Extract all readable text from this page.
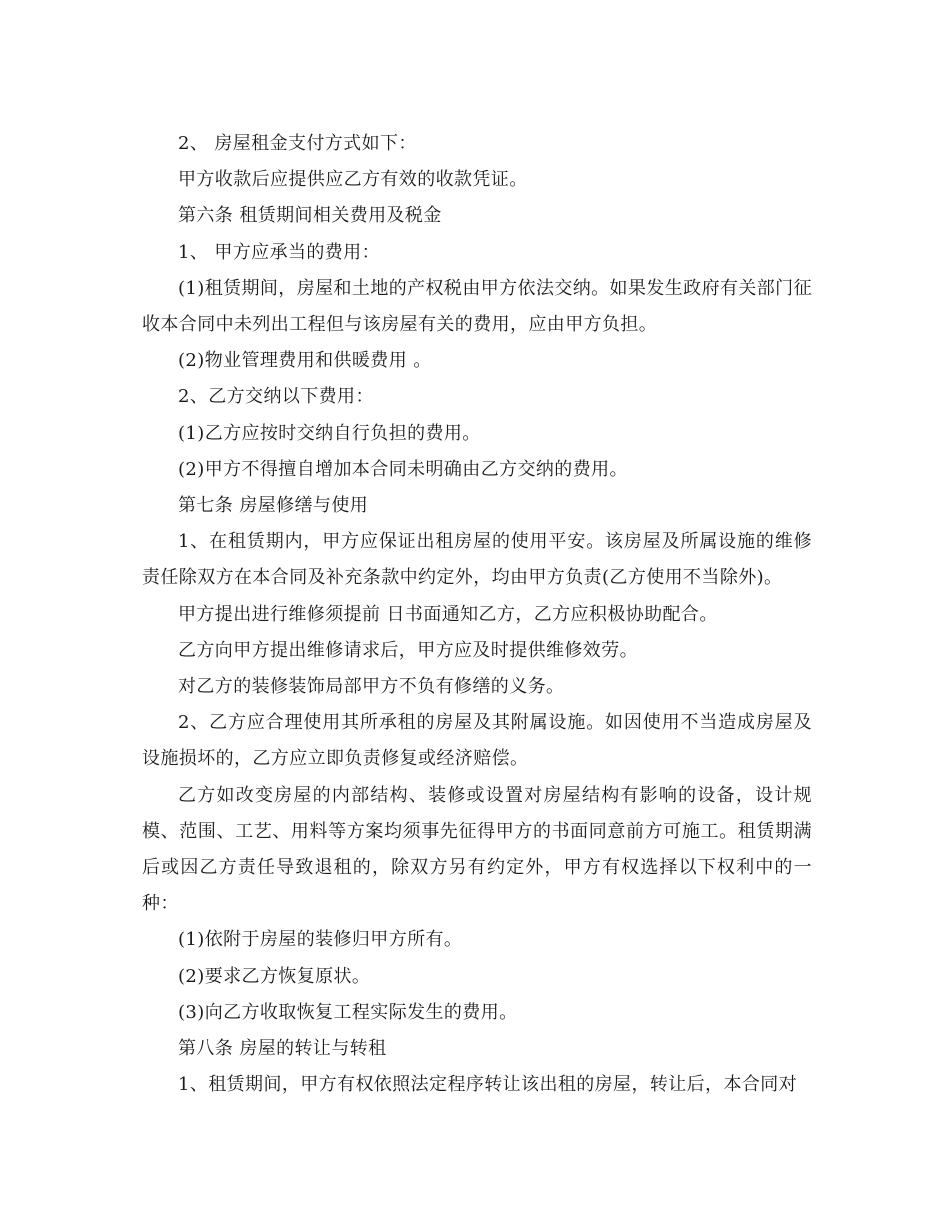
2、 房屋租金支付方式如下：

甲方收款后应提供应乙方有效的收款凭证。

第六条 租赁期间相关费用及税金

1、 甲方应承当的费用：

(1)租赁期间，房屋和土地的产权税由甲方依法交纳。如果发生政府有关部门征收本合同中未列出工程但与该房屋有关的费用，应由甲方负担。

(2)物业管理费用和供暖费用 。

2、乙方交纳以下费用：

(1)乙方应按时交纳自行负担的费用。

(2)甲方不得擅自增加本合同未明确由乙方交纳的费用。

第七条 房屋修缮与使用

1、在租赁期内，甲方应保证出租房屋的使用平安。该房屋及所属设施的维修责任除双方在本合同及补充条款中约定外，均由甲方负责(乙方使用不当除外)。

甲方提出进行维修须提前 日书面通知乙方，乙方应积极协助配合。

乙方向甲方提出维修请求后，甲方应及时提供维修效劳。

对乙方的装修装饰局部甲方不负有修缮的义务。

2、乙方应合理使用其所承租的房屋及其附属设施。如因使用不当造成房屋及设施损坏的，乙方应立即负责修复或经济赔偿。

乙方如改变房屋的内部结构、装修或设置对房屋结构有影响的设备，设计规模、范围、工艺、用料等方案均须事先征得甲方的书面同意前方可施工。租赁期满后或因乙方责任导致退租的，除双方另有约定外，甲方有权选择以下权利中的一种：

(1)依附于房屋的装修归甲方所有。

(2)要求乙方恢复原状。

(3)向乙方收取恢复工程实际发生的费用。

第八条 房屋的转让与转租

1、租赁期间，甲方有权依照法定程序转让该出租的房屋，转让后，本合同对
